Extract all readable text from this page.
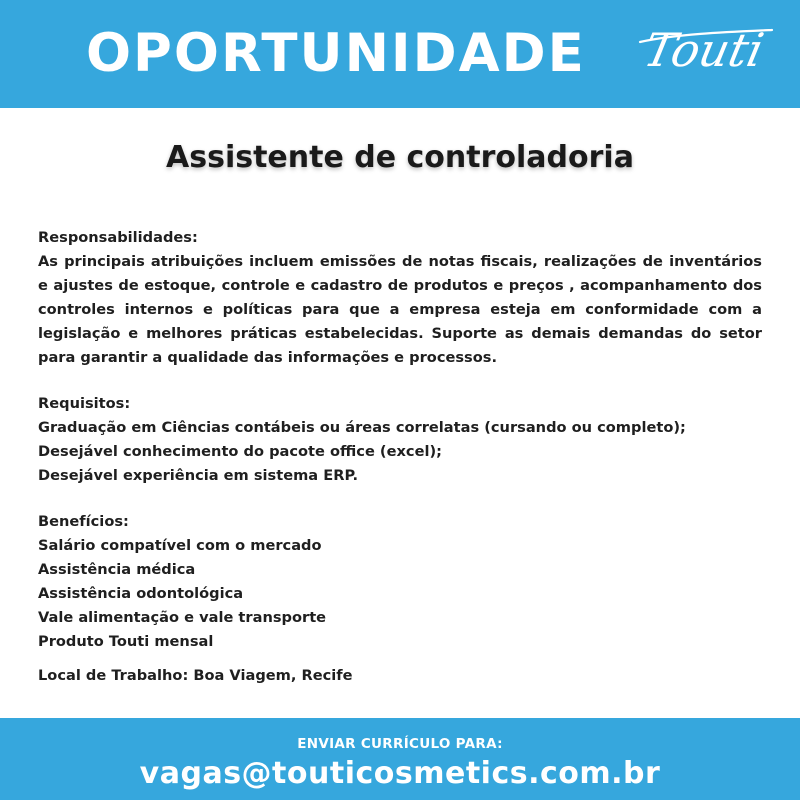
OPORTUNIDADE Touti
Assistente de controladoria
Responsabilidades:

As principais atribuições incluem emissões de notas fiscais, realizações de inventários e ajustes de estoque, controle e cadastro de produtos e preços , acompanhamento dos controles internos e políticas para que a empresa esteja em conformidade com a legislação e melhores práticas estabelecidas. Suporte as demais demandas do setor para garantir a qualidade das informações e processos.

Requisitos:
Graduação em Ciências contábeis ou áreas correlatas (cursando ou completo);
Desejável conhecimento do pacote office (excel);
Desejável experiência em sistema ERP.
Benefícios:
Salário compatível com o mercado
Assistência médica
Assistência odontológica
Vale alimentação e vale transporte
Produto Touti mensal
Local de Trabalho: Boa Viagem, Recife
ENVIAR CURRÍCULO PARA:
vagas@touticosmetics.com.br
